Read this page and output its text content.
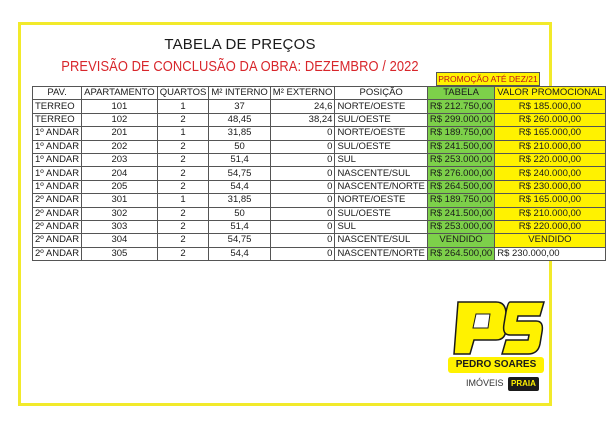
TABELA DE PREÇOS
PREVISÃO DE CONCLUSÃO DA OBRA: DEZEMBRO / 2022
PROMOÇÃO ATÉ DEZ/21
PAV.	APARTAMENTO	QUARTOS	M² INTERNO	M² EXTERNO	POSIÇÃO	TABELA	VALOR PROMOCIONAL
TERREO	101	1	37	24,6	NORTE/OESTE	R$ 212.750,00	R$ 185.000,00
TERREO	102	2	48,45	38,24	SUL/OESTE	R$ 299.000,00	R$ 260.000,00
1º ANDAR	201	1	31,85	0	NORTE/OESTE	R$ 189.750,00	R$ 165.000,00
1º ANDAR	202	2	50	0	SUL/OESTE	R$ 241.500,00	R$ 210.000,00
1º ANDAR	203	2	51,4	0	SUL	R$ 253.000,00	R$ 220.000,00
1º ANDAR	204	2	54,75	0	NASCENTE/SUL	R$ 276.000,00	R$ 240.000,00
1º ANDAR	205	2	54,4	0	NASCENTE/NORTE	R$ 264.500,00	R$ 230.000,00
2º ANDAR	301	1	31,85	0	NORTE/OESTE	R$ 189.750,00	R$ 165.000,00
2º ANDAR	302	2	50	0	SUL/OESTE	R$ 241.500,00	R$ 210.000,00
2º ANDAR	303	2	51,4	0	SUL	R$ 253.000,00	R$ 220.000,00
2º ANDAR	304	2	54,75	0	NASCENTE/SUL	VENDIDO	VENDIDO
2º ANDAR	305	2	54,4	0	NASCENTE/NORTE	R$ 264.500,00	R$ 230.000,00
PEDRO SOARES
IMÓVEIS PRAIA
